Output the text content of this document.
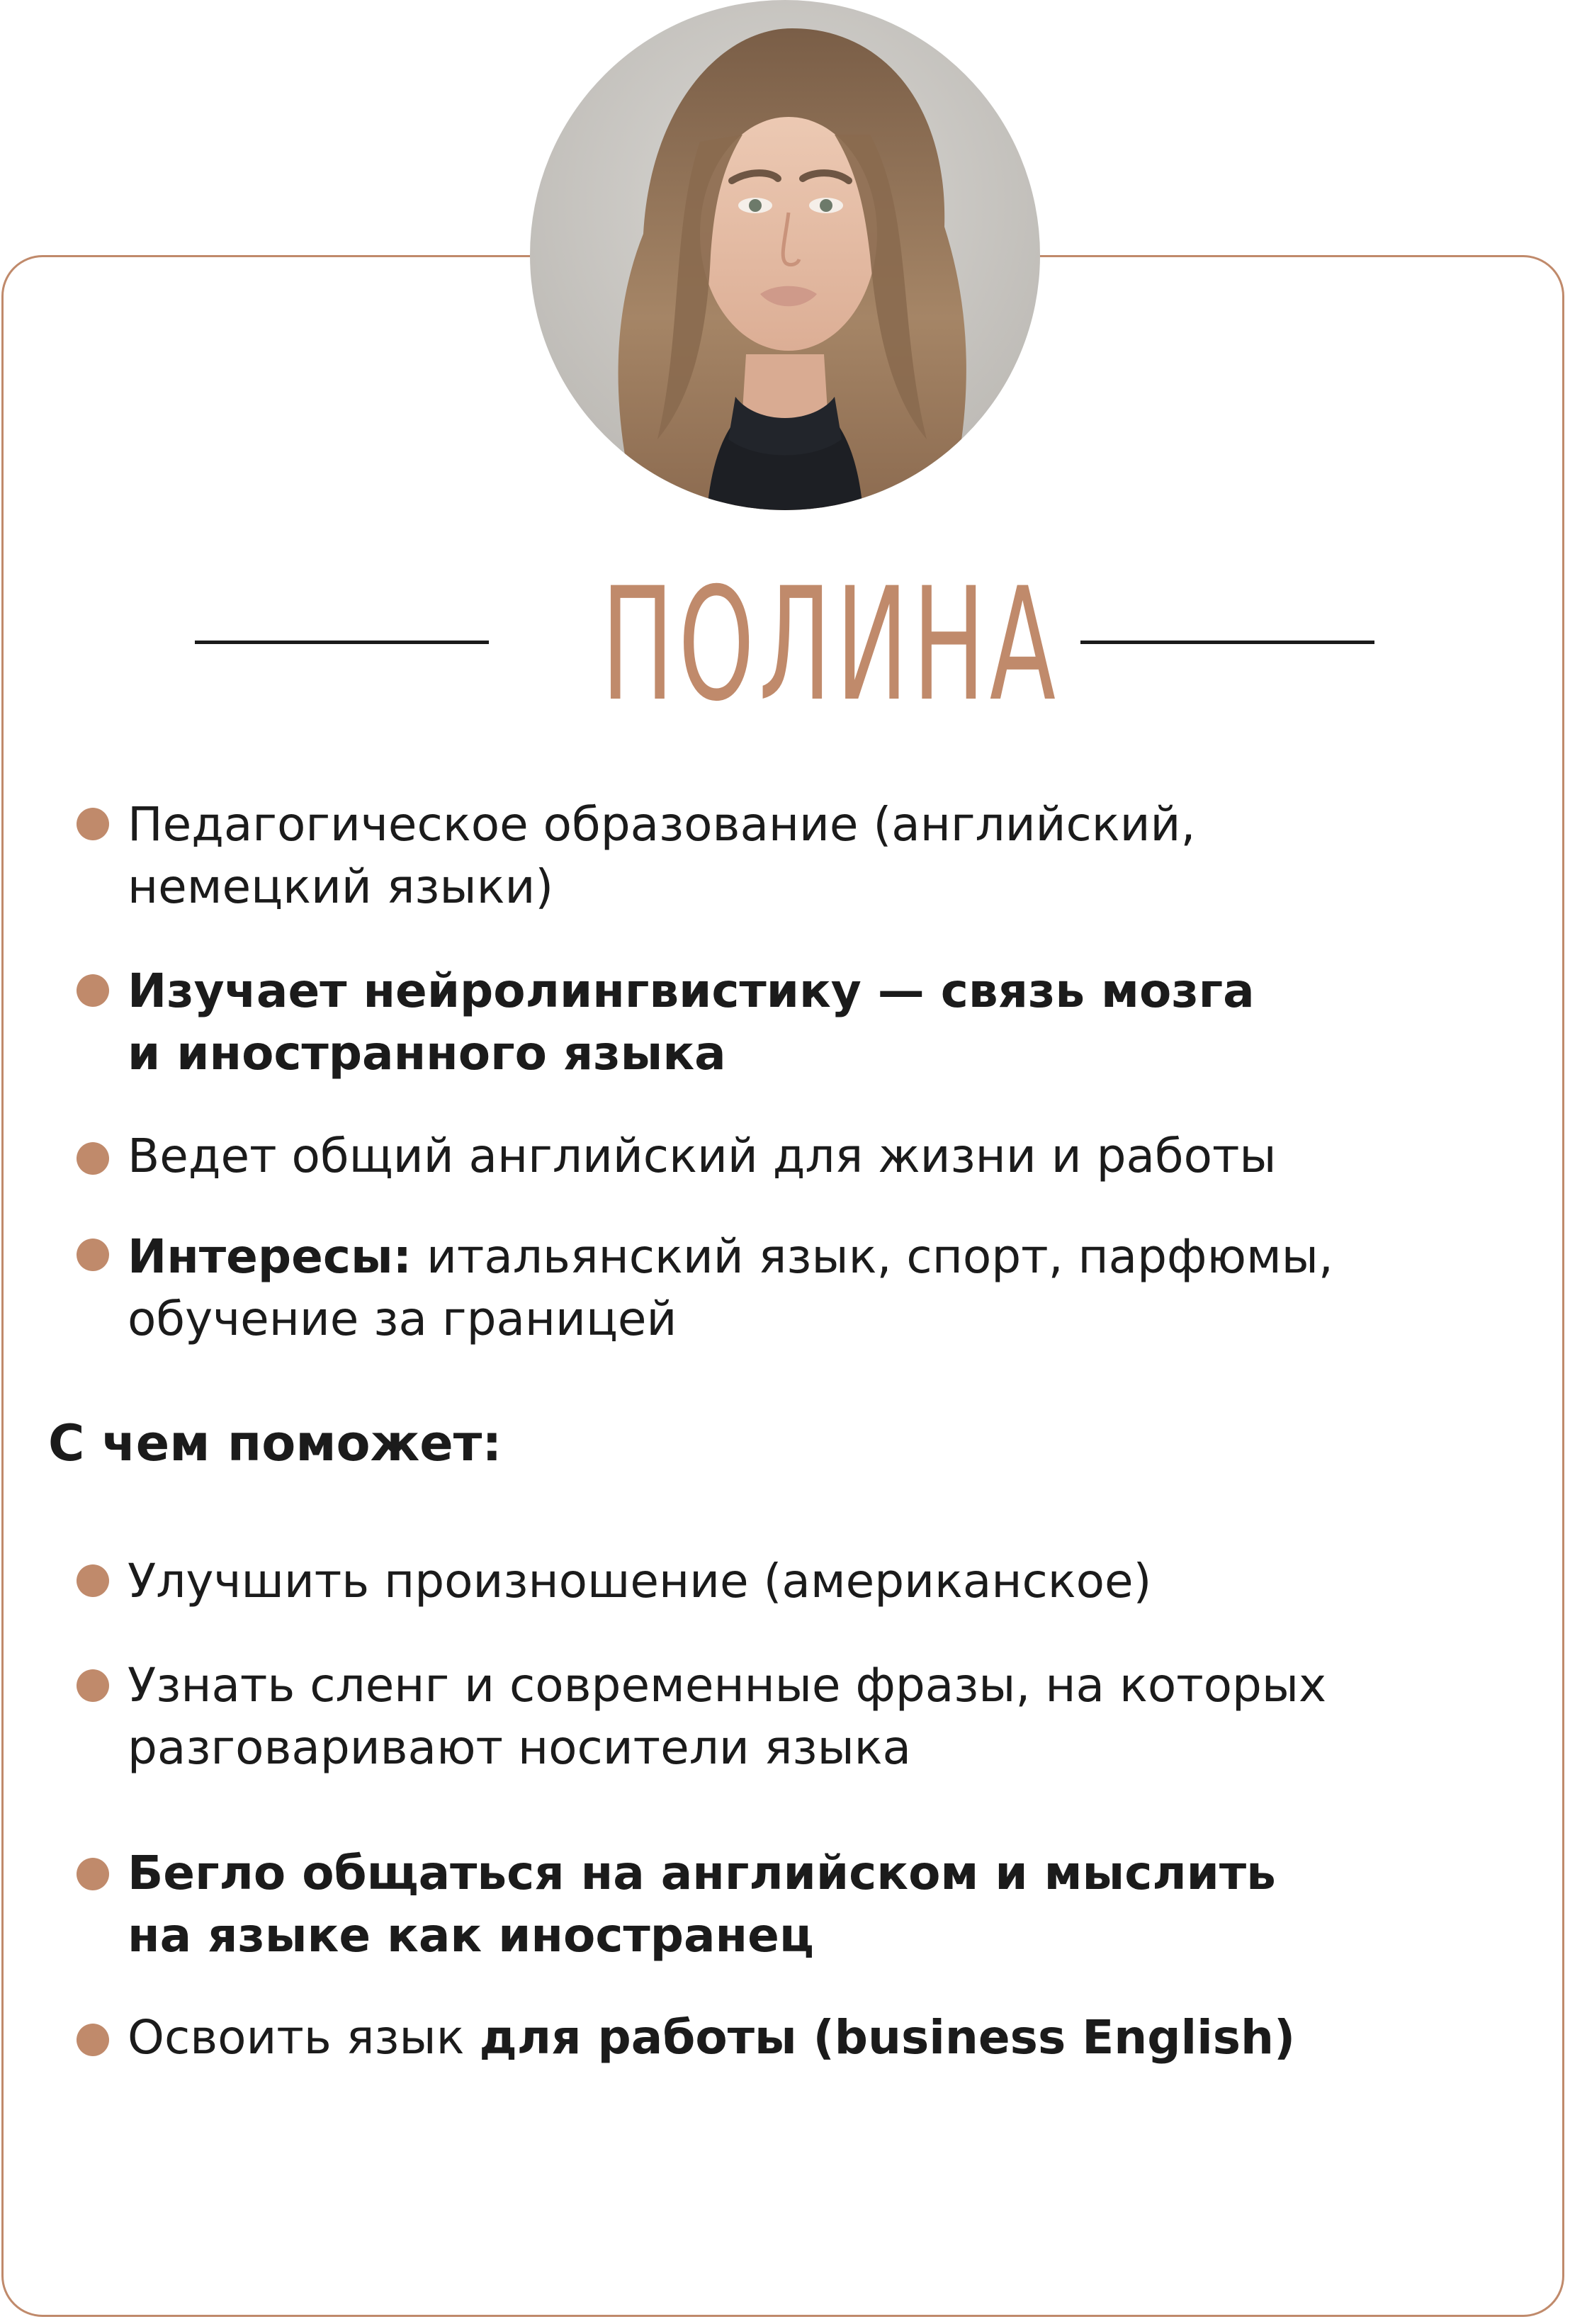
ПОЛИНА
Педагогическое образование (английский,
немецкий языки)
Изучает нейролингвистику — связь мозга
и иностранного языка
Ведет общий английский для жизни и работы
Интересы: итальянский язык, спорт, парфюмы,
обучение за границей
С чем поможет:
Улучшить произношение (американское)
Узнать сленг и современные фразы, на которых
разговаривают носители языка
Бегло общаться на английском и мыслить
на языке как иностранец
Освоить язык для работы (business English)
